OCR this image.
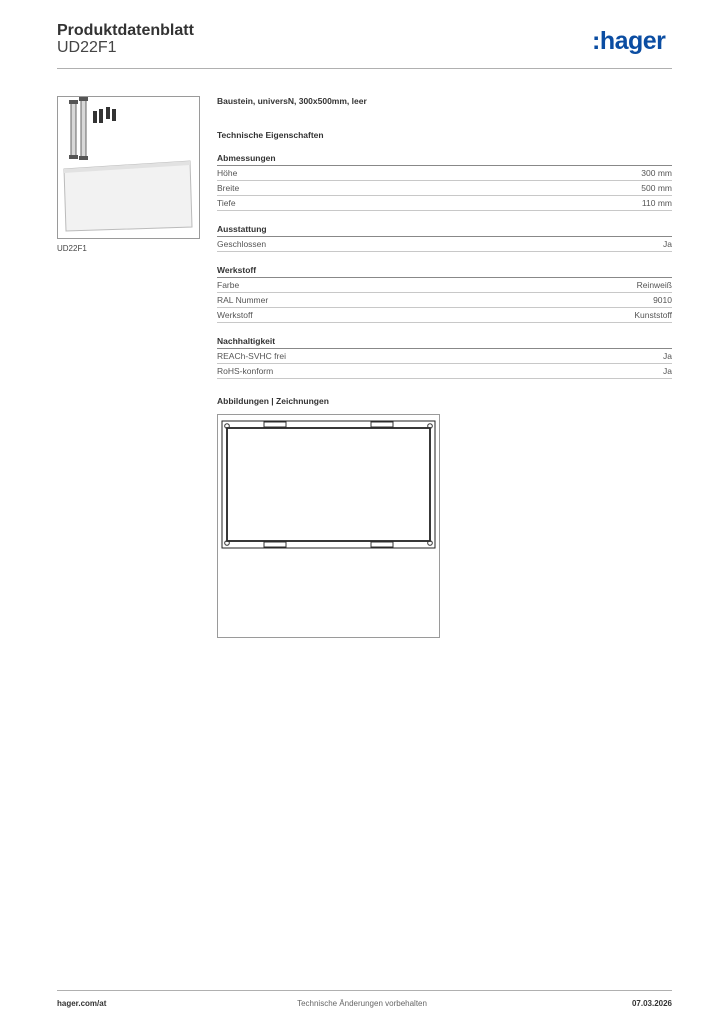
Produktdatenblatt
UD22F1	:hager
UD22F1
Baustein, universN, 300x500mm, leer
Technische Eigenschaften
Abmessungen
Höhe	300 mm
Breite	500 mm
Tiefe	110 mm
Ausstattung
Geschlossen	Ja
Werkstoff
Farbe	Reinweiß
RAL Nummer	9010
Werkstoff	Kunststoff
Nachhaltigkeit
REACh-SVHC frei	Ja
RoHS-konform	Ja
Abbildungen | Zeichnungen
hager.com/at	Technische Änderungen vorbehalten	07.03.2026
